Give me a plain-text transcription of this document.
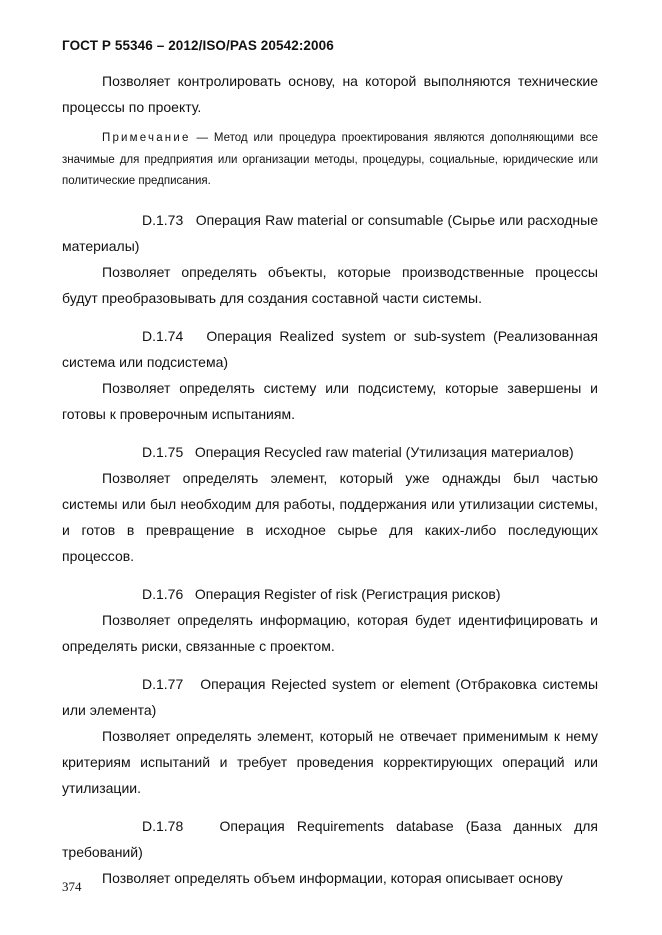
ГОСТ Р 55346 – 2012/ISO/PAS 20542:2006

Позволяет контролировать основу, на которой выполняются технические процессы по проекту.

Примечание — Метод или процедура проектирования являются дополняющими все значимые для предприятия или организации методы, процедуры, социальные, юридические или политические предписания.

D.1.73 Операция Raw material or consumable (Сырье или расходные материалы)

Позволяет определять объекты, которые производственные процессы будут преобразовывать для создания составной части системы.

D.1.74 Операция Realized system or sub-system (Реализованная система или подсистема)

Позволяет определять систему или подсистему, которые завершены и готовы к проверочным испытаниям.

D.1.75 Операция Recycled raw material (Утилизация материалов)

Позволяет определять элемент, который уже однажды был частью системы или был необходим для работы, поддержания или утилизации системы, и готов в превращение в исходное сырье для каких-либо последующих процессов.

D.1.76 Операция Register of risk (Регистрация рисков)

Позволяет определять информацию, которая будет идентифицировать и определять риски, связанные с проектом.

D.1.77 Операция Rejected system or element (Отбраковка системы или элемента)

Позволяет определять элемент, который не отвечает применимым к нему критериям испытаний и требует проведения корректирующих операций или утилизации.

D.1.78	Операция Requirements database (База данных для требований)

Позволяет определять объем информации, которая описывает основу

374
